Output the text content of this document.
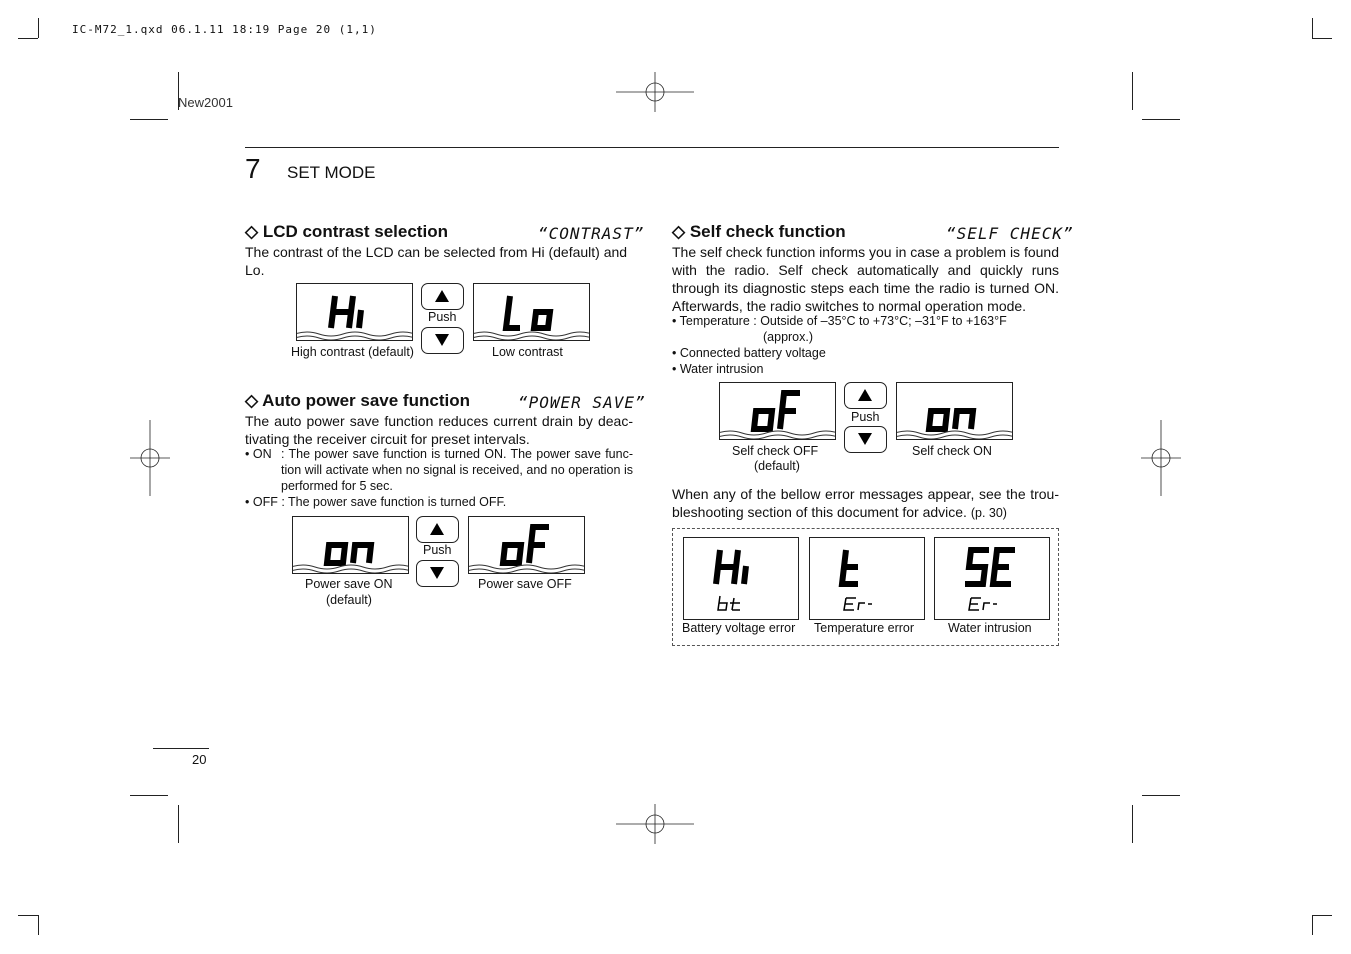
IC-M72_1.qxd 06.1.11 18:19 Page 20 (1,1)
New2001
7 SET MODE
◇ LCD contrast selection	“CONTRAST”
The contrast of the LCD can be selected from Hi (default) and Lo.
Push
High contrast (default)	Low contrast
◇ Auto power save function	“POWER SAVE”
The auto power save function reduces current drain by deac-tivating the receiver circuit for preset intervals.
• ON : The power save function is turned ON. The power save func-tion will activate when no signal is received, and no operation is performed for 5 sec.
• OFF : The power save function is turned OFF.
Push
Power save ON
(default)
Power save OFF
◇ Self check function	“SELF CHECK”
The self check function informs you in case a problem is found with the radio. Self check automatically and quickly runs through its diagnostic steps each time the radio is turned ON. Afterwards, the radio switches to normal operation mode.
• Temperature : Outside of –35°C to +73°C; –31°F to +163°F
(approx.)
• Connected battery voltage
• Water intrusion
Push
Self check OFF
(default)
Self check ON
When any of the bellow error messages appear, see the trou-bleshooting section of this document for advice. (p. 30)
Battery voltage error Temperature error	Water intrusion
20
